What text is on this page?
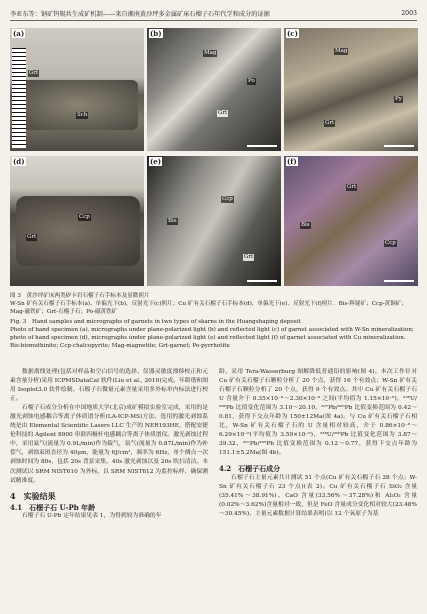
李亚东等：钢矿钨锡共生成矿机制——来自湘南黄沙坪多金属矿床石榴子石年代学和成分的证据	2003
(a)
Grt
Sch
(b)
Mag
Po
Grt
(c)
Mag
Grt
Py
(d)
Grt
Ccp
(e)
Bis
Ccp
Grt
(f)
Bis
Grt
Ccp
图 3　黄沙坪矿床两类矽卡岩石榴子石手标本及显微照片
W-Sn 矿有关石榴子石手标本(a)、单偏光下(b)、反射光下(c)照片；Cu 矿有关石榴子石手标本(d)、单偏光下(e)、反射光下(f)照片．Bis-辉铋矿；Ccp-黄铜矿；Mag-磁铁矿；Grt-石榴子石；Po-磁黄铁矿
Fig. 3　Hand samples and micrographs of garnets in two types of skarns in the Huangshaping deposit
Photo of hand specimen (a), micrographs under plane-polarized light (b) and reflected light (c) of garnet associated with W-Sn mineralization; photo of hand specimen (d), micrographs under plane-polarized light (e) and reflected light (f) of garnet associated with Cu mineralization. Bis-bismuthinite; Ccp-chalcopyrite; Mag-magnetite; Grt-garnet; Po-pyrrhotite

数据离线处理(包括对样品和空白信号的选择、仪器灵敏度漂移校正和元素含量分析)采用 ICPMSDataCal 软件(Liu et al., 2010)完成。年龄谐和图用 Isoplot3.0 软件绘制。石榴子石微量元素含量采用多外标单内标法进行校正。

石榴子石成分分析在中国地质大学(北京)成矿模拟实验室完成，采用的是激光剥蚀电感耦合等离子体质谱分析(LA-ICP-MS)方法。选用的激光剥蚀系统是由 Elemental Scientific Lasers LLC 生产的 NER193HE，搭配安捷伦科技的 Agilent 8900 串联四极杆电感耦合等离子体质谱仪。激光剥蚀过程中，采用氦气(流量为 0.9L/min)作为载气，氩气(流量为 0.87L/min)作为补偿气，剥蚀束斑直径为 40μm，能量为 6J/cm²，频率为 6Hz，单个测点一次剥蚀时间为 80s，包括 20s 背景采集、40s 激光剥蚀以及 20s 吹扫清洁。本次测试以 SRM NIST610 为外标，以 SRM NIST612 为监控标样，确保测试精准度。

4　实验结果
4.1　石榴子石 U-Pb 年龄

石榴子石 U-Pb 定年结果见表 1，为得到较为准确的年

龄，采用 Tera-Wasserburg 图解降低普通铅的影响(图 4)。本次工作针对 Cu 矿有关石榴子石颗粒分析了 20 个点，获得 16 个有效点；W-Sn 矿有关石榴子石颗粒分析了 20 个点，获得 9 个有效点。其中 Cu 矿有关石榴子石 U 含量介于 0.35×10⁻⁶～2.30×10⁻⁶ 之间(平均值为 1.15×10⁻⁶)，²³⁸U/²⁰⁶Pb 比值变化范围为 3.10～20.10，²⁰⁷Pb/²⁰⁶Pb 比值变换范围为 0.42～0.81，获得下交点年龄为 150±12Ma(图 4a)。与 Cu 矿有关石榴子石相比，W-Sn 矿有关石榴子石的 U 含量相对较高，介于 0.86×10⁻⁶～6.29×10⁻⁶(平均值为 3.59×10⁻⁶)，²³⁸U/²⁰⁶Pb 比值变化范围为 3.87～39.32，²⁰⁷Pb/²⁰⁶Pb 比值变换范围为 0.12～0.77，获得下交点年龄为 151.1±5.2Ma(图 4b)。

4.2　石榴子石成分

石榴子石主量元素共计测试 51 个点(Cu 矿有关石榴子石 28 个点；W-Sn 矿有关石榴子石 23 个点)(表 2)。Cu 矿有关石榴子石 SiO₂ 含量(35.41%～38.91%)、CaO 含量(33.56%～37.28%)和 Al₂O₃ 含量(0.02%～3.62%)含量相对一致，但是 FeO 含量成分变化相对较大(23.48%～30.45%)，主量元素数据计算结果表明(以 12 个氧原子为基
